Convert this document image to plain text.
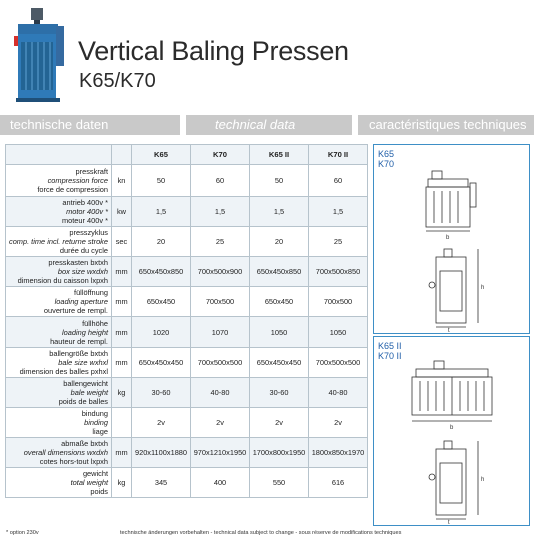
Vertical Baling Pressen
K65/K70
technische daten	technical data	caractéristiques techniques
		K65	K70	K65 II	K70 II

presskraft
compression force
force de compression	kn	50	60	50	60

antrieb 400v *
motor 400v *
moteur 400v *	kw	1,5	1,5	1,5	1,5

presszyklus
comp. time incl. returne stroke
durée du cycle	sec	20	25	20	25

presskasten bxtxh
box size wxdxh
dimension du caisson lxpxh	mm	650x450x850	700x500x900	650x450x850	700x500x850

füllöffnung
loading aperture
ouverture de rempl.	mm	650x450	700x500	650x450	700x500

füllhöhe
loading height
hauteur de rempl.	mm	1020	1070	1050	1050

ballengröße bxtxh
bale size wxhxl
dimension des balles pxhxl	mm	650x450x450	700x500x500	650x450x450	700x500x500

ballengewicht
bale weight
poids de balles	kg	30-60	40-80	30-60	40-80

bindung
binding
liage		2v	2v	2v	2v

abmaße bxtxh
overall dimensions wxdxh
cotes hors-tout lxpxh	mm	920x1100x1880	970x1210x1950	1700x800x1950	1800x850x1970

gewicht
total weight
poids	kg	345	400	550	616
K65
K70
b
t
h
K65 II
K70 II
b
t
h
* option 230v	technische änderungen vorbehalten - technical data subject to change - sous réserve de modifications techniques
